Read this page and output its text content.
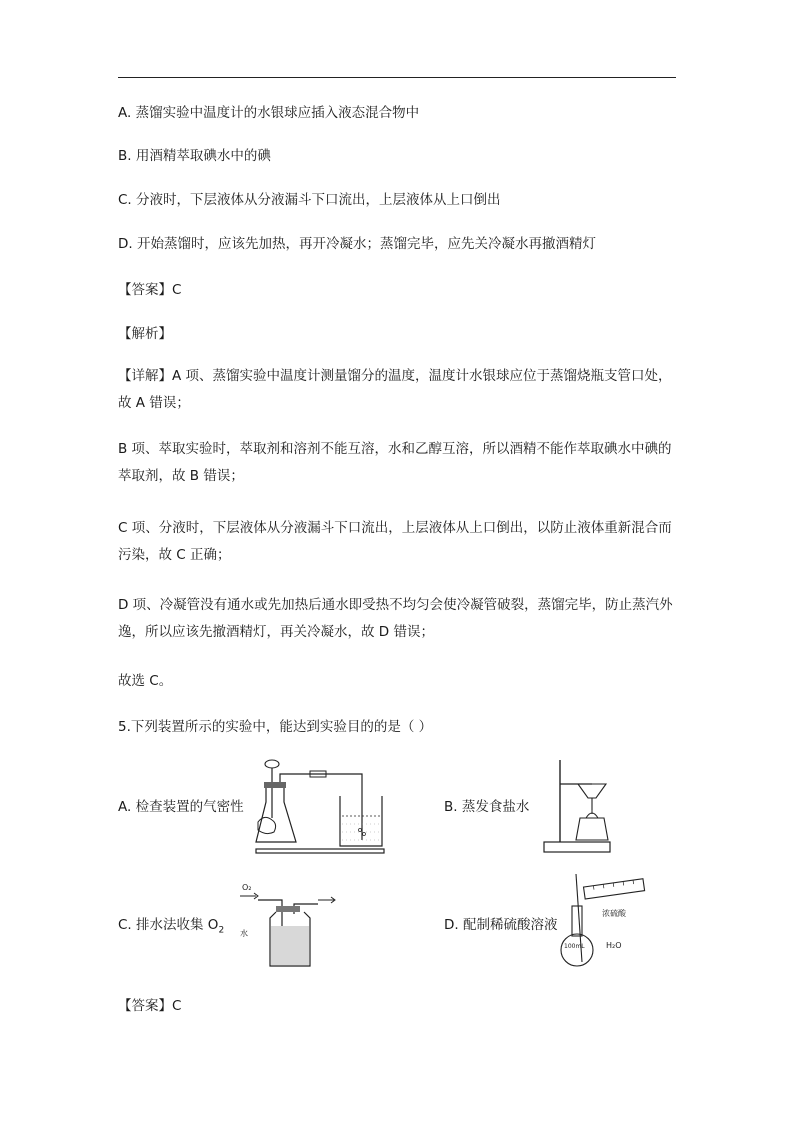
A. 蒸馏实验中温度计的水银球应插入液态混合物中
B. 用酒精萃取碘水中的碘
C. 分液时，下层液体从分液漏斗下口流出，上层液体从上口倒出
D. 开始蒸馏时，应该先加热，再开冷凝水；蒸馏完毕，应先关冷凝水再撤酒精灯
【答案】C
【解析】
【详解】A 项、蒸馏实验中温度计测量馏分的温度，温度计水银球应位于蒸馏烧瓶支管口处，故 A 错误；
B 项、萃取实验时，萃取剂和溶剂不能互溶，水和乙醇互溶，所以酒精不能作萃取碘水中碘的萃取剂，故 B 错误；
C 项、分液时，下层液体从分液漏斗下口流出，上层液体从上口倒出，以防止液体重新混合而污染，故 C 正确；
D 项、冷凝管没有通水或先加热后通水即受热不均匀会使冷凝管破裂，蒸馏完毕，防止蒸汽外逸，所以应该先撤酒精灯，再关冷凝水，故 D 错误；
故选 C。
5.下列装置所示的实验中，能达到实验目的的是（ ）
A. 检查装置的气密性	B. 蒸发食盐水
C. 排水法收集 $O_2$	D. 配制稀硫酸溶液
O₂
水
浓硫酸
100mL	H₂O
【答案】C
